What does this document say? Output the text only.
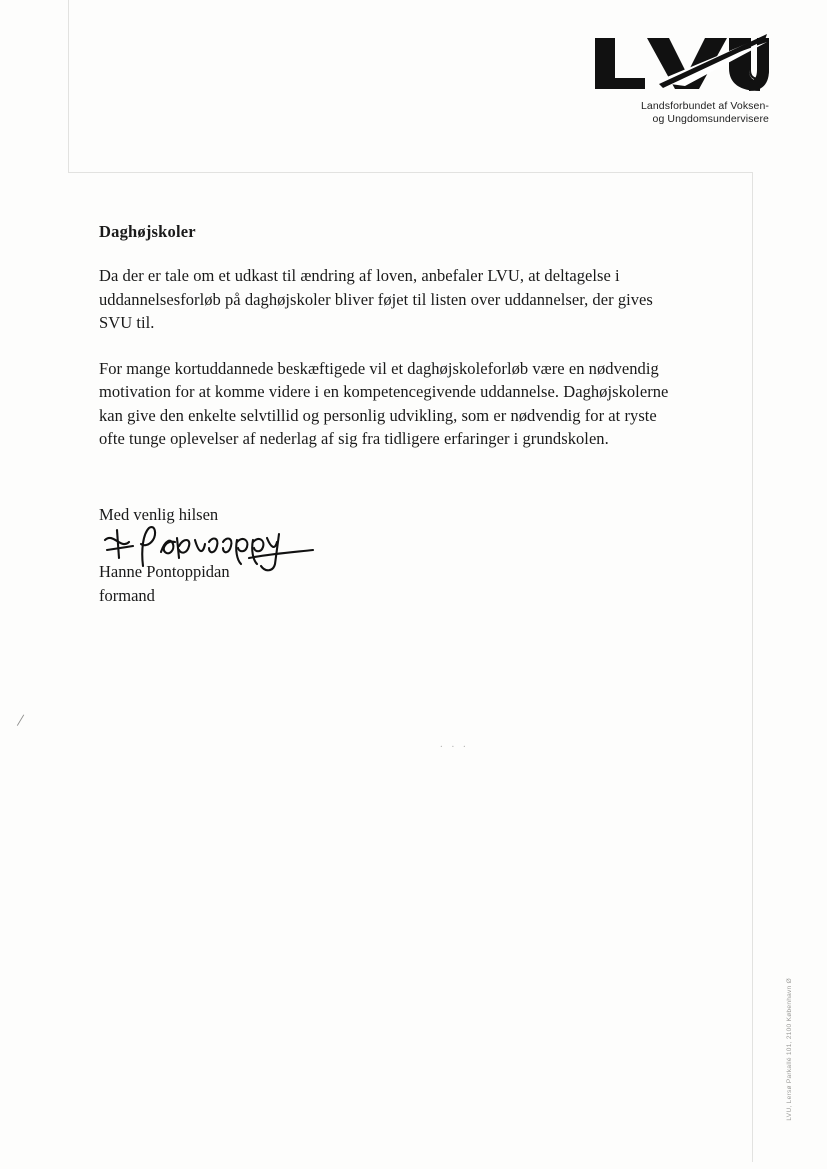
Landsforbundet af Voksen-
og Ungdomsundervisere
Daghøjskoler

Da der er tale om et udkast til ændring af loven, anbefaler LVU, at deltagelse i uddannelsesforløb på daghøjskoler bliver føjet til listen over uddannelser, der gives SVU til.

For mange kortuddannede beskæftigede vil et daghøjskoleforløb være en nødvendig motivation for at komme videre i en kompetencegivende uddannelse. Daghøjskolerne kan give den enkelte selvtillid og personlig udvikling, som er nødvendig for at ryste ofte tunge oplevelser af nederlag af sig fra tidligere erfaringer i grundskolen.

Med venlig hilsen

Hanne Pontoppidan

formand

/
. . .
LVU, Lersø Parkallé 101, 2100 København Ø
